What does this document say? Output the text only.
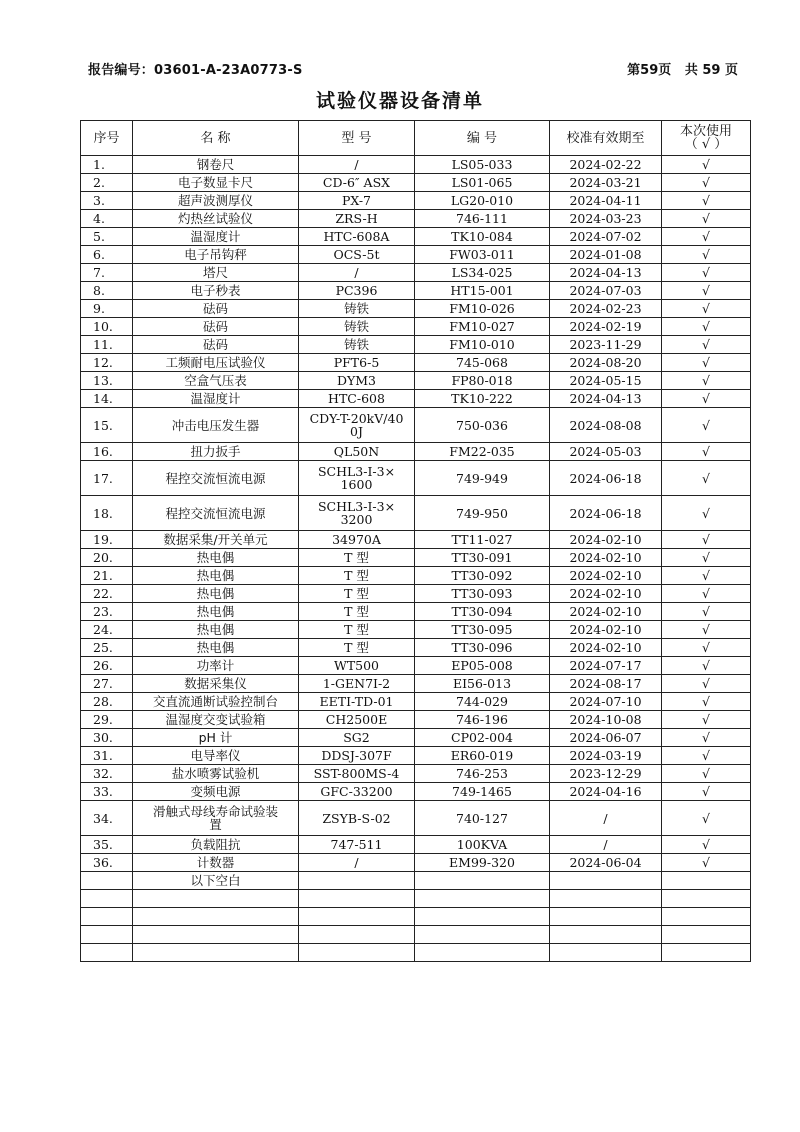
报告编号：03601-A-23A0773-S	第59页 共 59 页
试验仪器设备清单
序号	名 称	型 号	编 号	校准有效期至	本次使用
（ √ ）
1.	钢卷尺	/	LS05-033	2024-02-22	√
2.	电子数显卡尺	CD-6″ ASX	LS01-065	2024-03-21	√
3.	超声波测厚仪	PX-7	LG20-010	2024-04-11	√
4.	灼热丝试验仪	ZRS-H	746-111	2024-03-23	√
5.	温湿度计	HTC-608A	TK10-084	2024-07-02	√
6.	电子吊钩秤	OCS-5t	FW03-011	2024-01-08	√
7.	塔尺	/	LS34-025	2024-04-13	√
8.	电子秒表	PC396	HT15-001	2024-07-03	√
9.	砝码	铸铁	FM10-026	2024-02-23	√
10.	砝码	铸铁	FM10-027	2024-02-19	√
11.	砝码	铸铁	FM10-010	2023-11-29	√
12.	工频耐电压试验仪	PFT6-5	745-068	2024-08-20	√
13.	空盒气压表	DYM3	FP80-018	2024-05-15	√
14.	温湿度计	HTC-608	TK10-222	2024-04-13	√
15.	冲击电压发生器	CDY-T-20kV/40
0J	750-036	2024-08-08	√
16.	扭力扳手	QL50N	FM22-035	2024-05-03	√
17.	程控交流恒流电源	SCHL3-I-3×
1600	749-949	2024-06-18	√
18.	程控交流恒流电源	SCHL3-I-3×
3200	749-950	2024-06-18	√
19.	数据采集/开关单元	34970A	TT11-027	2024-02-10	√
20.	热电偶	T 型	TT30-091	2024-02-10	√
21.	热电偶	T 型	TT30-092	2024-02-10	√
22.	热电偶	T 型	TT30-093	2024-02-10	√
23.	热电偶	T 型	TT30-094	2024-02-10	√
24.	热电偶	T 型	TT30-095	2024-02-10	√
25.	热电偶	T 型	TT30-096	2024-02-10	√
26.	功率计	WT500	EP05-008	2024-07-17	√
27.	数据采集仪	1-GEN7I-2	EI56-013	2024-08-17	√
28.	交直流通断试验控制台	EETI-TD-01	744-029	2024-07-10	√
29.	温湿度交变试验箱	CH2500E	746-196	2024-10-08	√
30.	pH 计	SG2	CP02-004	2024-06-07	√
31.	电导率仪	DDSJ-307F	ER60-019	2024-03-19	√
32.	盐水喷雾试验机	SST-800MS-4	746-253	2023-12-29	√
33.	变频电源	GFC-33200	749-1465	2024-04-16	√
34.	滑触式母线寿命试验装
置	ZSYB-S-02	740-127	/	√
35.	负载阻抗	747-511	100KVA	/	√
36.	计数器	/	EM99-320	2024-06-04	√
	以下空白				
